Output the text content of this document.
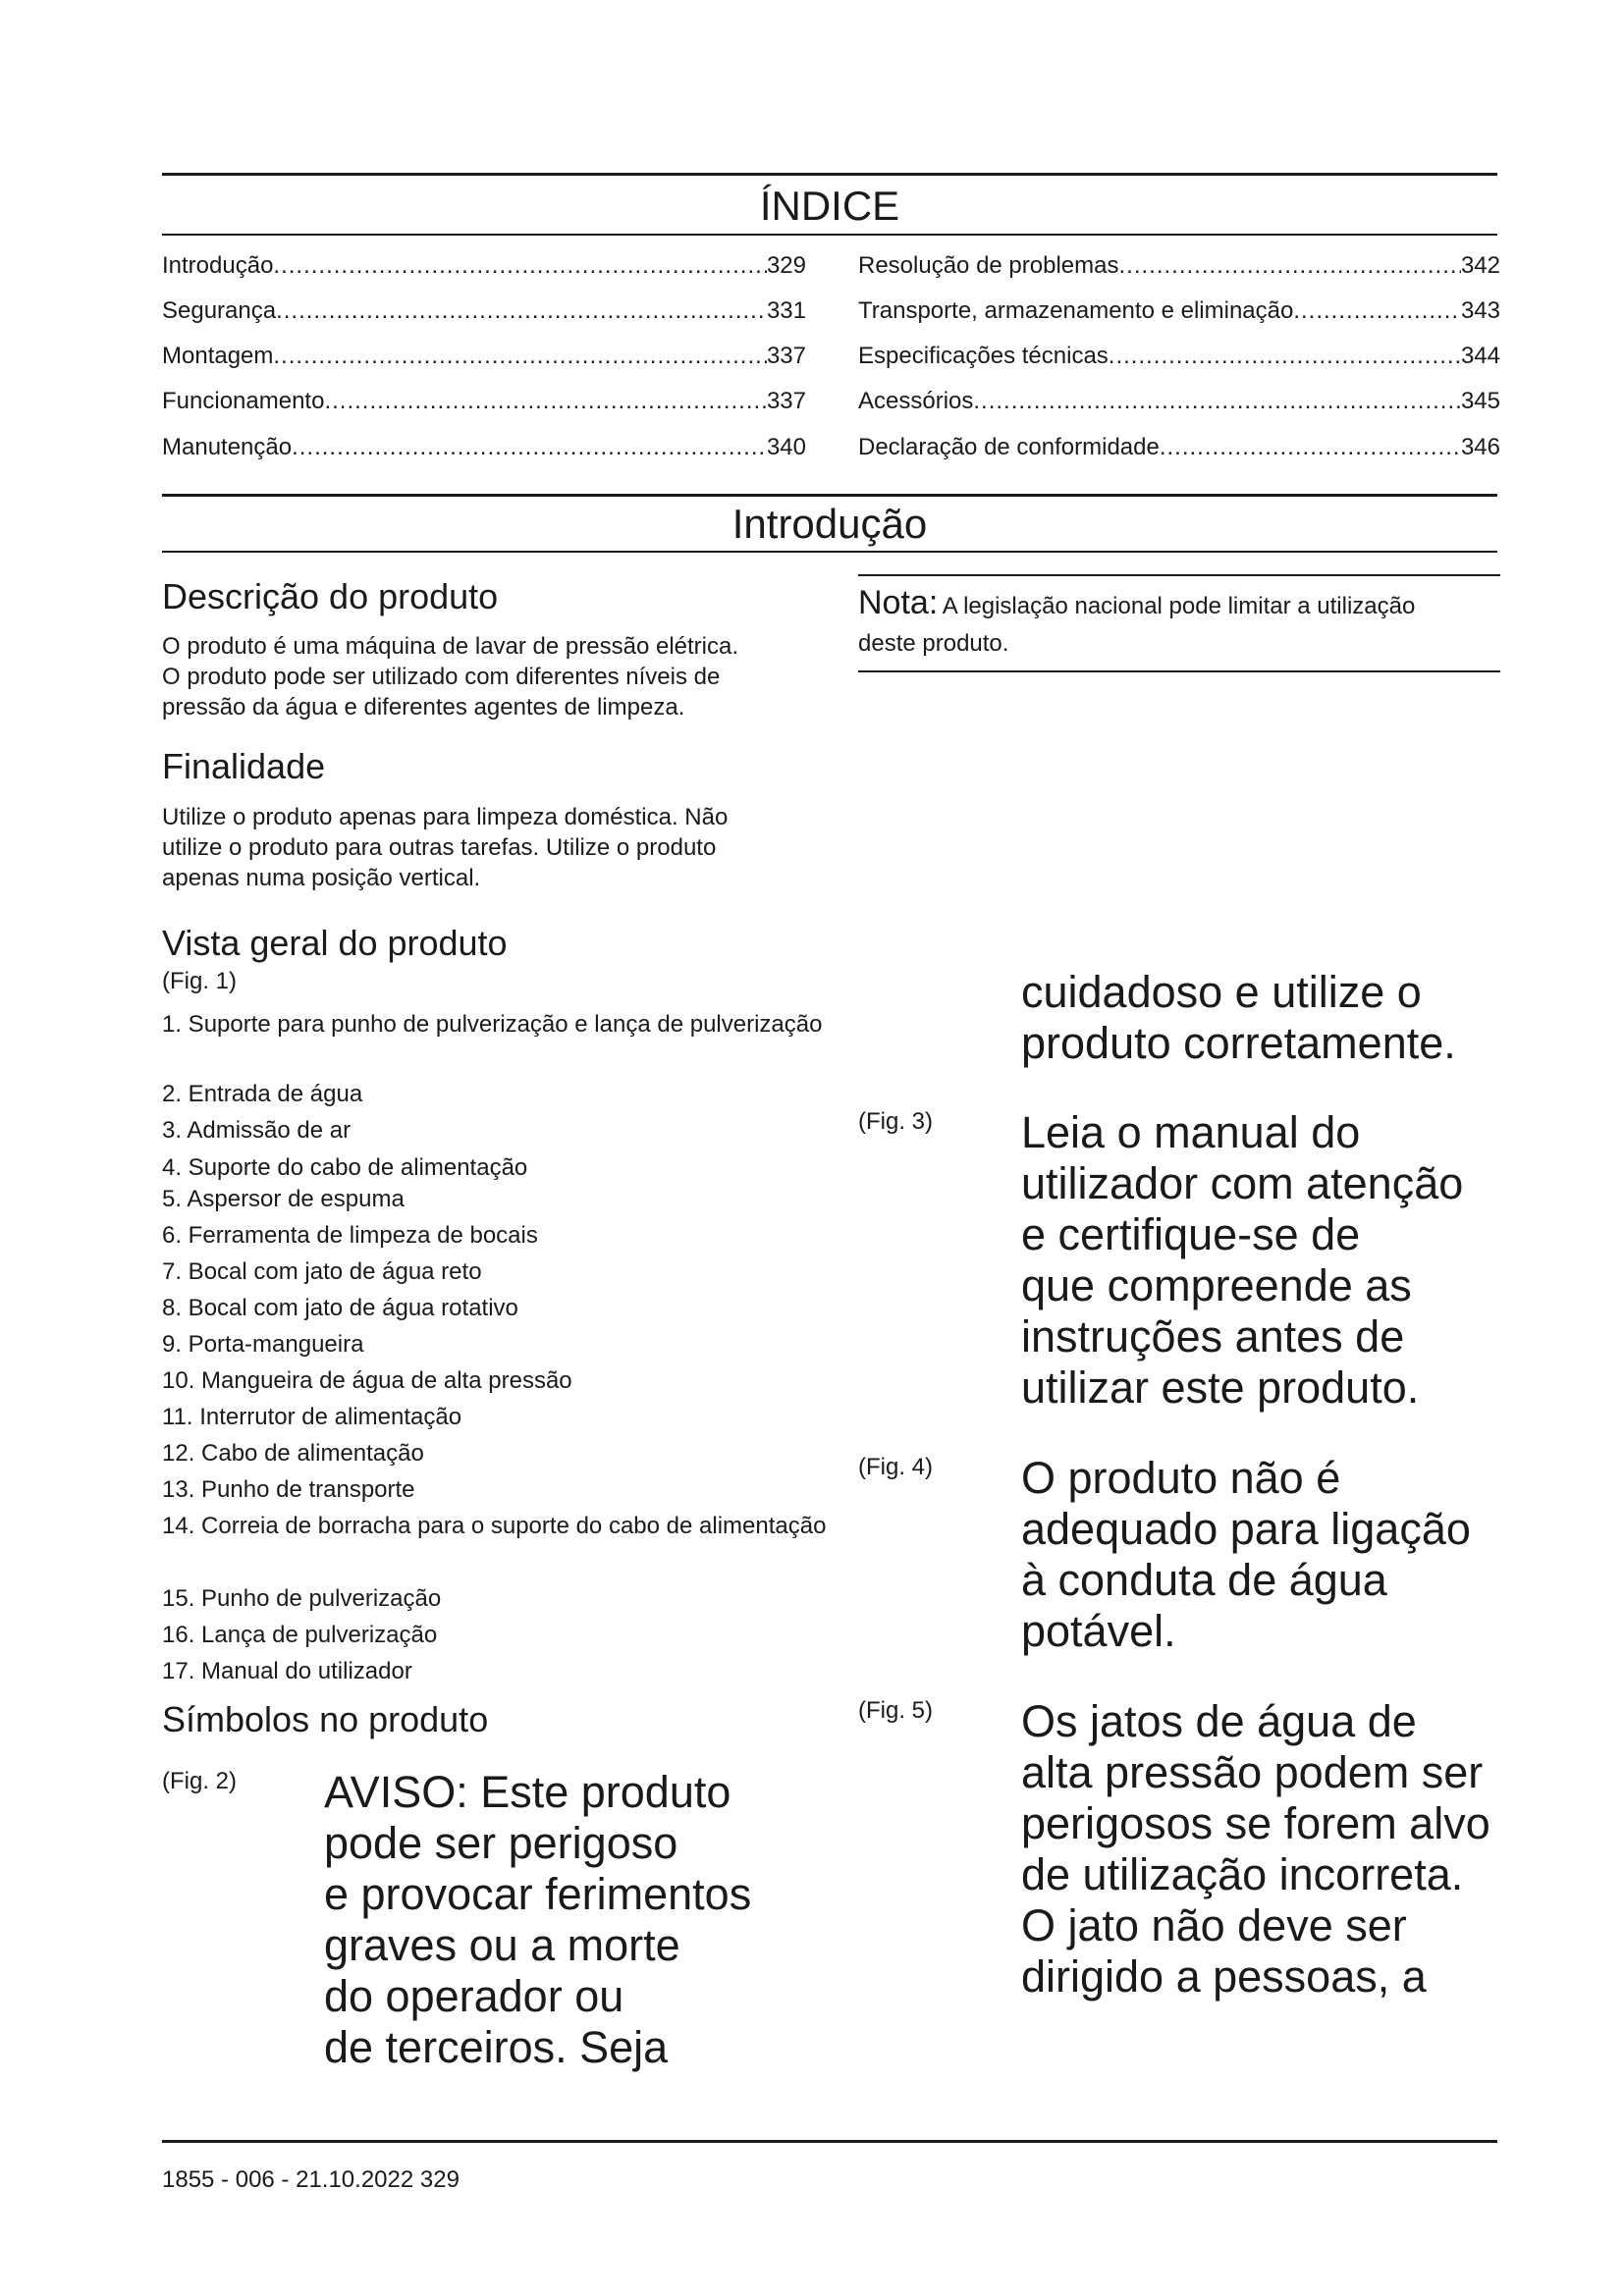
ÍNDICE
Introdução .....	329
Segurança .....	331
Montagem .....	337
Funcionamento .....	337
Manutenção .....	340
Resolução de problemas .....	342
Transporte, armazenamento e eliminação .....	343
Especificações técnicas .....	344
Acessórios .....	345
Declaração de conformidade .....	346
Introdução
Descrição do produto
O produto é uma máquina de lavar de pressão elétrica.
O produto pode ser utilizado com diferentes níveis de
pressão da água e diferentes agentes de limpeza.
Finalidade
Utilize o produto apenas para limpeza doméstica. Não
utilize o produto para outras tarefas. Utilize o produto
apenas numa posição vertical.
Vista geral do produto
(Fig. 1)
1. Suporte para punho de pulverização e lança de pulverização
2. Entrada de água
3. Admissão de ar
4. Suporte do cabo de alimentação
5. Aspersor de espuma
6. Ferramenta de limpeza de bocais
7. Bocal com jato de água reto
8. Bocal com jato de água rotativo
9. Porta-mangueira
10. Mangueira de água de alta pressão
11. Interrutor de alimentação
12. Cabo de alimentação
13. Punho de transporte
14. Correia de borracha para o suporte do cabo de alimentação
15. Punho de pulverização
16. Lança de pulverização
17. Manual do utilizador
Símbolos no produto
(Fig. 2) AVISO: Este produto
pode ser perigoso
e provocar ferimentos
graves ou a morte
do operador ou
de terceiros. Seja
Nota: A legislação nacional pode limitar a utilização
deste produto.
cuidadoso e utilize o
produto corretamente.
(Fig. 3) Leia o manual do
utilizador com atenção
e certifique-se de
que compreende as
instruções antes de
utilizar este produto.
(Fig. 4) O produto não é
adequado para ligação
à conduta de água
potável.
(Fig. 5) Os jatos de água de
alta pressão podem ser
perigosos se forem alvo
de utilização incorreta.
O jato não deve ser
dirigido a pessoas, a
1855 - 006 - 21.10.2022 329
